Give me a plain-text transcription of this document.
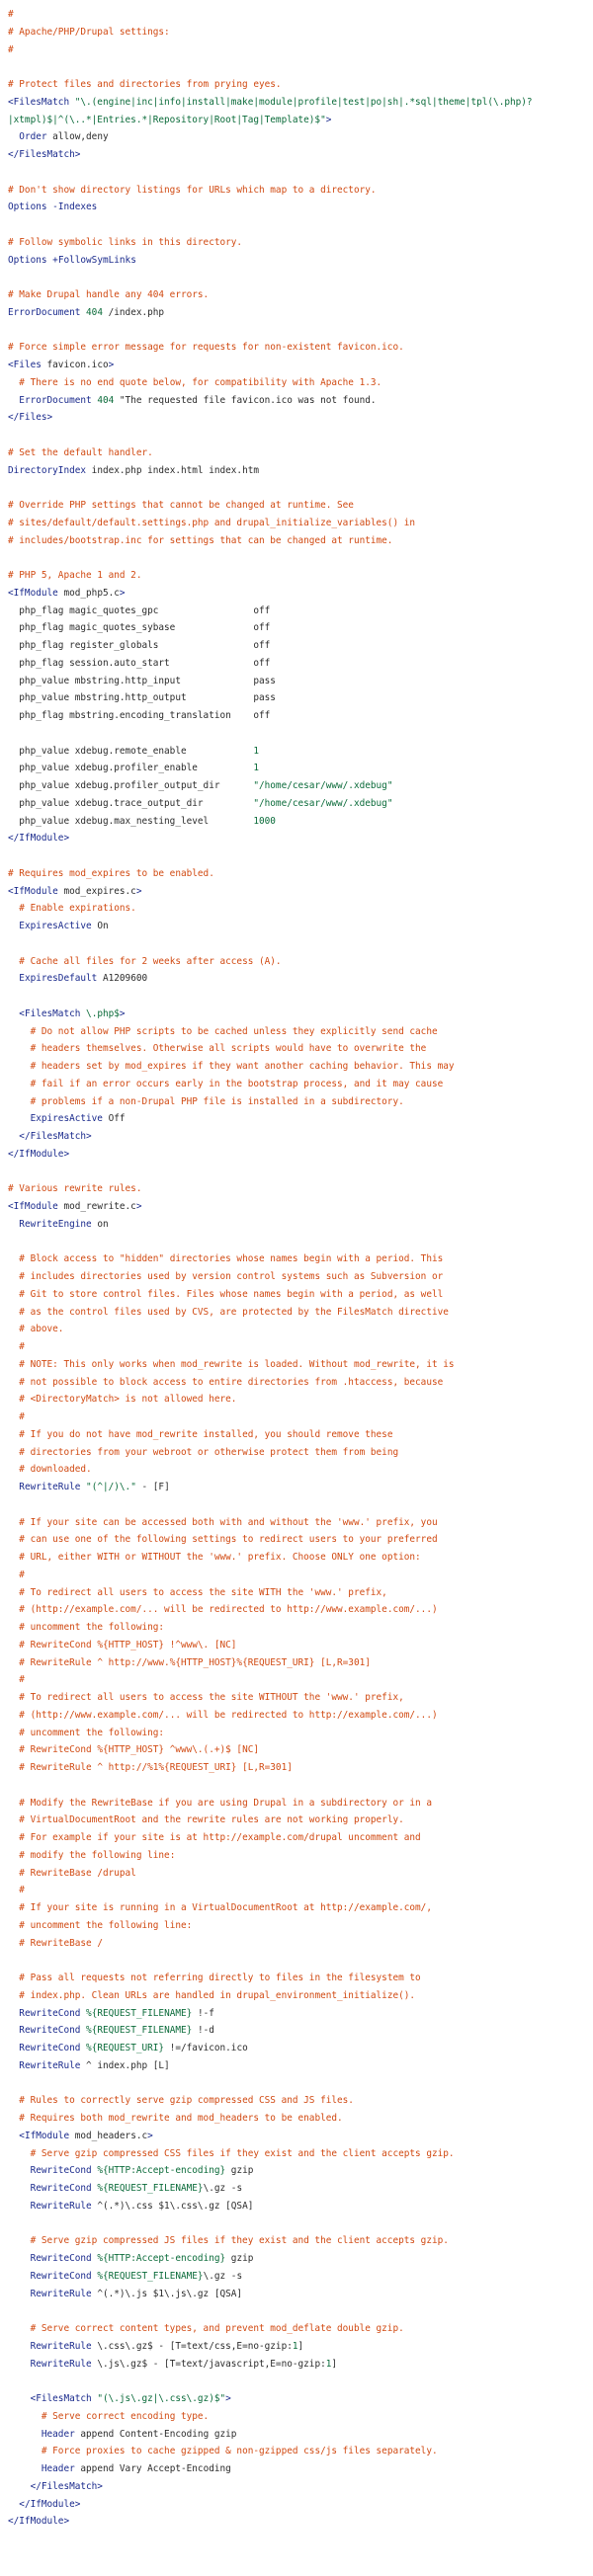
#
# Apache/PHP/Drupal settings:
#
# Protect files and directories from prying eyes.
<FilesMatch "\.(engine|inc|info|install|make|module|profile|test|po|sh|.*sql|theme|tpl(\.php)?
|xtmpl)$|^(\..*|Entries.*|Repository|Root|Tag|Template)$">
Order allow,deny
</FilesMatch>
# Don't show directory listings for URLs which map to a directory.
Options -Indexes
# Follow symbolic links in this directory.
Options +FollowSymLinks
# Make Drupal handle any 404 errors.
ErrorDocument 404 /index.php
# Force simple error message for requests for non-existent favicon.ico.
<Files favicon.ico>
# There is no end quote below, for compatibility with Apache 1.3.
ErrorDocument 404 "The requested file favicon.ico was not found.
</Files>
# Set the default handler.
DirectoryIndex index.php index.html index.htm
# Override PHP settings that cannot be changed at runtime. See
# sites/default/default.settings.php and drupal_initialize_variables() in
# includes/bootstrap.inc for settings that can be changed at runtime.
# PHP 5, Apache 1 and 2.
<IfModule mod_php5.c>
php_flag magic_quotes_gpc                 off
php_flag magic_quotes_sybase              off
php_flag register_globals                 off
php_flag session.auto_start               off
php_value mbstring.http_input             pass
php_value mbstring.http_output            pass
php_flag mbstring.encoding_translation    off
php_value xdebug.remote_enable            1
php_value xdebug.profiler_enable          1
php_value xdebug.profiler_output_dir      "/home/cesar/www/.xdebug"
php_value xdebug.trace_output_dir         "/home/cesar/www/.xdebug"
php_value xdebug.max_nesting_level        1000
</IfModule>
# Requires mod_expires to be enabled.
<IfModule mod_expires.c>
# Enable expirations.
ExpiresActive On
# Cache all files for 2 weeks after access (A).
ExpiresDefault A1209600
<FilesMatch \.php$>
# Do not allow PHP scripts to be cached unless they explicitly send cache
# headers themselves. Otherwise all scripts would have to overwrite the
# headers set by mod_expires if they want another caching behavior. This may
# fail if an error occurs early in the bootstrap process, and it may cause
# problems if a non-Drupal PHP file is installed in a subdirectory.
ExpiresActive Off
</FilesMatch>
</IfModule>
# Various rewrite rules.
<IfModule mod_rewrite.c>
RewriteEngine on
# Block access to "hidden" directories whose names begin with a period. This
# includes directories used by version control systems such as Subversion or
# Git to store control files. Files whose names begin with a period, as well
# as the control files used by CVS, are protected by the FilesMatch directive
# above.
#
# NOTE: This only works when mod_rewrite is loaded. Without mod_rewrite, it is
# not possible to block access to entire directories from .htaccess, because
# <DirectoryMatch> is not allowed here.
#
# If you do not have mod_rewrite installed, you should remove these
# directories from your webroot or otherwise protect them from being
# downloaded.
RewriteRule "(^|/)\." - [F]
# If your site can be accessed both with and without the 'www.' prefix, you
# can use one of the following settings to redirect users to your preferred
# URL, either WITH or WITHOUT the 'www.' prefix. Choose ONLY one option:
#
# To redirect all users to access the site WITH the 'www.' prefix,
# (http://example.com/... will be redirected to http://www.example.com/...)
# uncomment the following:
# RewriteCond %{HTTP_HOST} !^www\. [NC]
# RewriteRule ^ http://www.%{HTTP_HOST}%{REQUEST_URI} [L,R=301]
#
# To redirect all users to access the site WITHOUT the 'www.' prefix,
# (http://www.example.com/... will be redirected to http://example.com/...)
# uncomment the following:
# RewriteCond %{HTTP_HOST} ^www\.(.+)$ [NC]
# RewriteRule ^ http://%1%{REQUEST_URI} [L,R=301]
# Modify the RewriteBase if you are using Drupal in a subdirectory or in a
# VirtualDocumentRoot and the rewrite rules are not working properly.
# For example if your site is at http://example.com/drupal uncomment and
# modify the following line:
# RewriteBase /drupal
#
# If your site is running in a VirtualDocumentRoot at http://example.com/,
# uncomment the following line:
# RewriteBase /
# Pass all requests not referring directly to files in the filesystem to
# index.php. Clean URLs are handled in drupal_environment_initialize().
RewriteCond %{REQUEST_FILENAME} !-f
RewriteCond %{REQUEST_FILENAME} !-d
RewriteCond %{REQUEST_URI} !=/favicon.ico
RewriteRule ^ index.php [L]
# Rules to correctly serve gzip compressed CSS and JS files.
# Requires both mod_rewrite and mod_headers to be enabled.
<IfModule mod_headers.c>
# Serve gzip compressed CSS files if they exist and the client accepts gzip.
RewriteCond %{HTTP:Accept-encoding} gzip
RewriteCond %{REQUEST_FILENAME}\.gz -s
RewriteRule ^(.*)\.css $1\.css\.gz [QSA]
# Serve gzip compressed JS files if they exist and the client accepts gzip.
RewriteCond %{HTTP:Accept-encoding} gzip
RewriteCond %{REQUEST_FILENAME}\.gz -s
RewriteRule ^(.*)\.js $1\.js\.gz [QSA]
# Serve correct content types, and prevent mod_deflate double gzip.
RewriteRule \.css\.gz$ - [T=text/css,E=no-gzip:1]
RewriteRule \.js\.gz$ - [T=text/javascript,E=no-gzip:1]
<FilesMatch "(\.js\.gz|\.css\.gz)$">
# Serve correct encoding type.
Header append Content-Encoding gzip
# Force proxies to cache gzipped & non-gzipped css/js files separately.
Header append Vary Accept-Encoding
</FilesMatch>
</IfModule>
</IfModule>
